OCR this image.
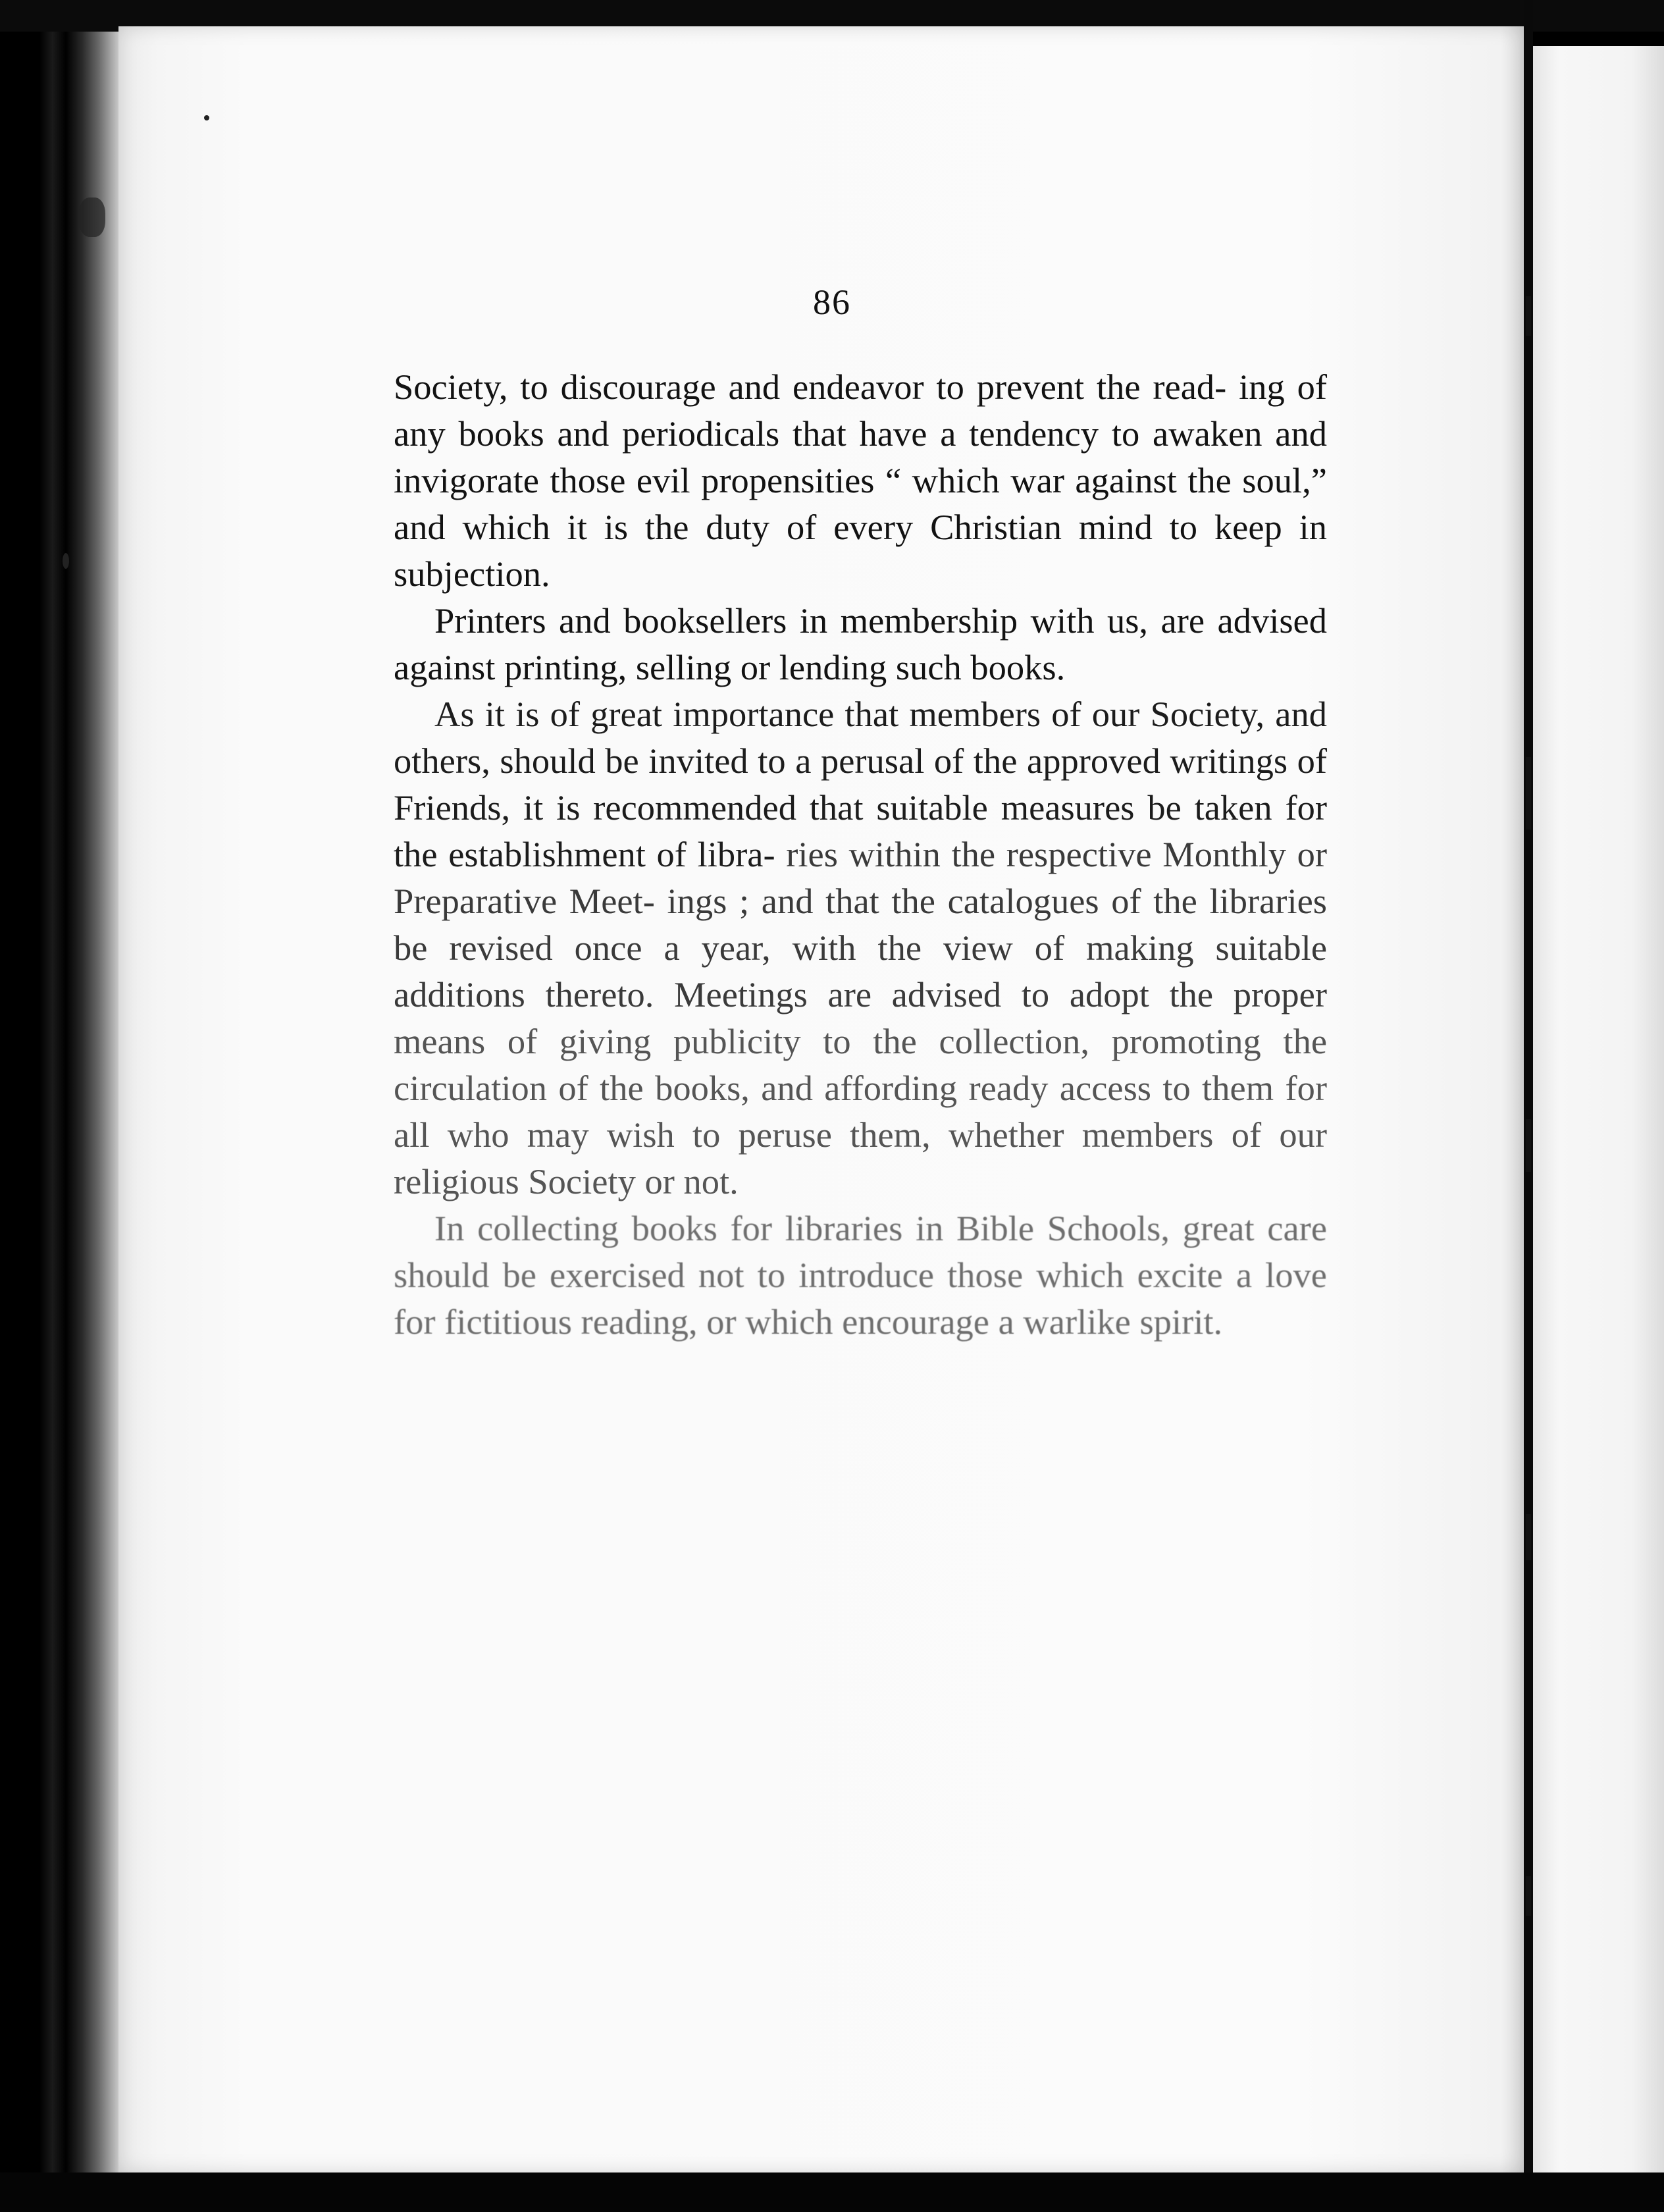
86

Society, to discourage and endeavor to prevent the read- ing of any books and periodicals that have a tendency to awaken and invigorate those evil propensities “ which war against the soul,” and which it is the duty of every Christian mind to keep in subjection.

Printers and booksellers in membership with us, are advised against printing, selling or lending such books.

As it is of great importance that members of our Society, and others, should be invited to a perusal of the approved writings of Friends, it is recommended that suitable measures be taken for the establishment of libra- ries within the respective Monthly or Preparative Meet- ings ; and that the catalogues of the libraries be revised once a year, with the view of making suitable additions thereto. Meetings are advised to adopt the proper means of giving publicity to the collection, promoting the circulation of the books, and affording ready access to them for all who may wish to peruse them, whether members of our religious Society or not.

In collecting books for libraries in Bible Schools, great care should be exercised not to introduce those which excite a love for fictitious reading, or which encourage a warlike spirit.
